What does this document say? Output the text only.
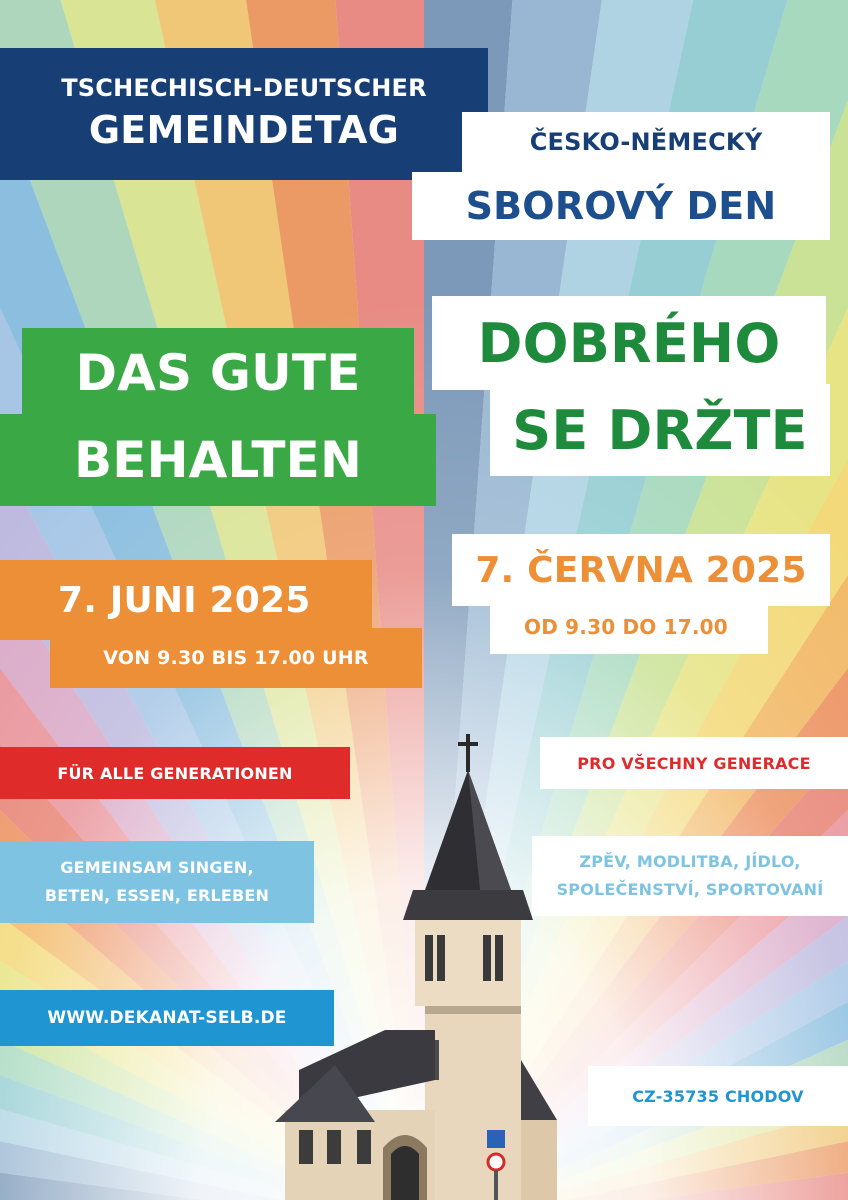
TSCHECHISCH-DEUTSCHER
GEMEINDETAG	ČESKO-NĚMECKÝ
SBOROVÝ DEN
DAS GUTE
BEHALTEN
DOBRÉHO
SE DRŽTE
7. JUNI 2025
VON 9.30 BIS 17.00 UHR
7. ČERVNA 2025
OD 9.30 DO 17.00
FÜR ALLE GENERATIONEN
PRO VŠECHNY GENERACE
GEMEINSAM SINGEN,
BETEN, ESSEN, ERLEBEN
ZPĚV, MODLITBA, JÍDLO,
SPOLEČENSTVÍ, SPORTOVANÍ
WWW.DEKANAT-SELB.DE
CZ-35735 CHODOV
